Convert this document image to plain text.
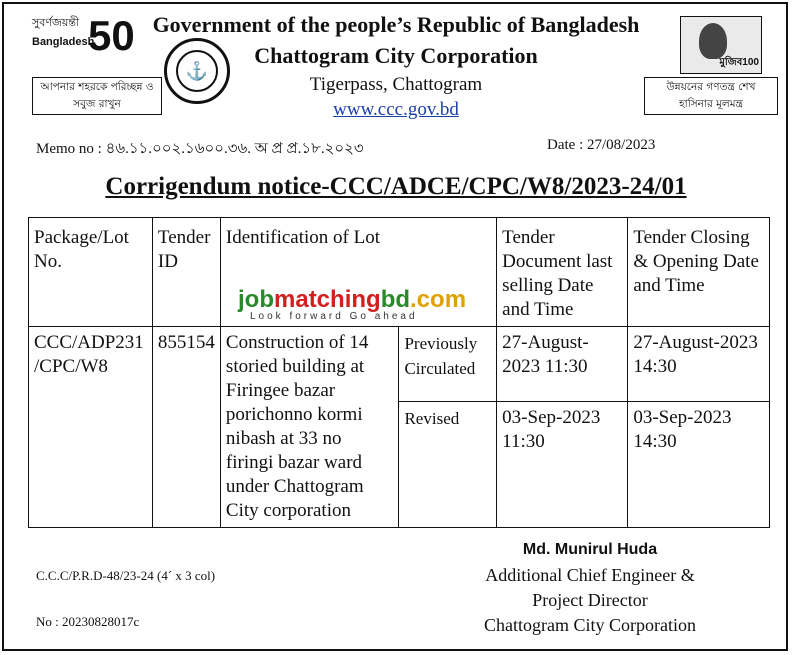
সুবর্ণজয়ন্তী
Bangladesh
50
⚓	মুজিব100
আপনার শহরকে পরিচ্ছন্ন ও সবুজ রাখুন
উন্নয়নের গণতন্ত্র শেখ হাসিনার মূলমন্ত্র
Government of the people’s Republic of Bangladesh
Chattogram City Corporation
Tigerpass, Chattogram
www.ccc.gov.bd
Memo no : ৪৬.১১.০০২.১৬০০.৩৬. অ প্র প্র.১৮.২০২৩	Date : 27/08/2023
Corrigendum notice-CCC/ADCE/CPC/W8/2023-24/01
Package/Lot No.	Tender ID	Identification of Lot		Tender Document last selling Date and Time	Tender Closing & Opening Date and Time
CCC/ADP231 /CPC/W8	855154	Construction of 14 storied building at Firingee bazar porichonno kormi nibash at 33 no firingi bazar ward under Chattogram City corporation	Previously Circulated	27-August-2023 11:30	27-August-2023 14:30
			Revised	03-Sep-2023 11:30	03-Sep-2023 14:30
jobmatchingbd.com
Look forward Go ahead
C.C.C/P.R.D-48/23-24 (4ˊ x 3 col)
No : 20230828017c
Md. Munirul Huda
Additional Chief Engineer &
Project Director
Chattogram City Corporation
